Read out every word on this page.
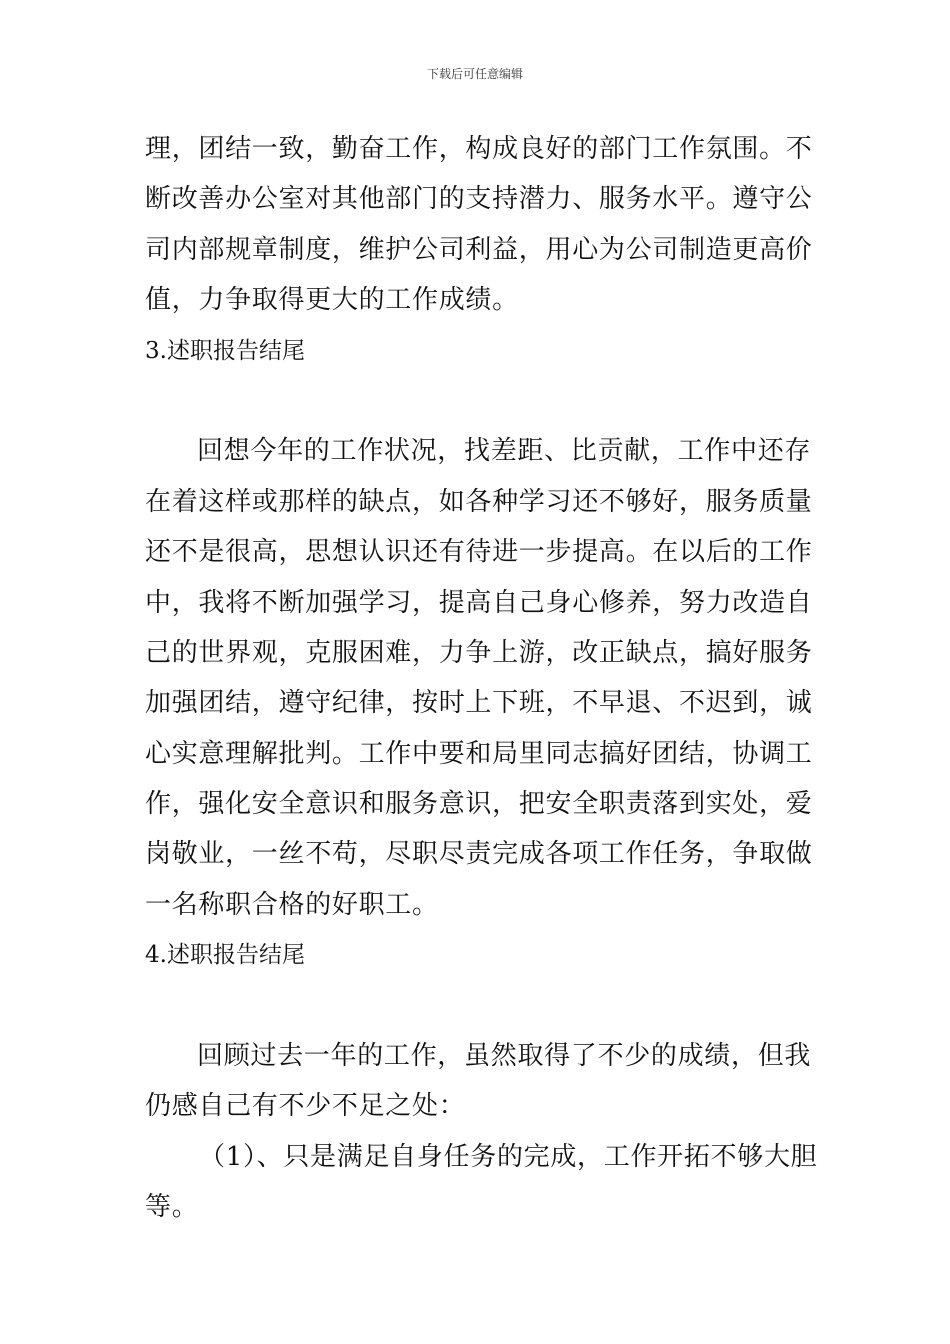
下载后可任意编辑
理，团结一致，勤奋工作，构成良好的部门工作氛围。不
断改善办公室对其他部门的支持潜力、服务水平。遵守公
司内部规章制度，维护公司利益，用心为公司制造更高价
值，力争取得更大的工作成绩。
3.述职报告结尾
回想今年的工作状况，找差距、比贡献，工作中还存
在着这样或那样的缺点，如各种学习还不够好，服务质量
还不是很高，思想认识还有待进一步提高。在以后的工作
中，我将不断加强学习，提高自己身心修养，努力改造自
己的世界观，克服困难，力争上游，改正缺点，搞好服务
加强团结，遵守纪律，按时上下班，不早退、不迟到，诚
心实意理解批判。工作中要和局里同志搞好团结，协调工
作，强化安全意识和服务意识，把安全职责落到实处，爱
岗敬业，一丝不苟，尽职尽责完成各项工作任务，争取做
一名称职合格的好职工。
4.述职报告结尾
回顾过去一年的工作，虽然取得了不少的成绩，但我
仍感自己有不少不足之处：
（1）、只是满足自身任务的完成，工作开拓不够大胆
等。
